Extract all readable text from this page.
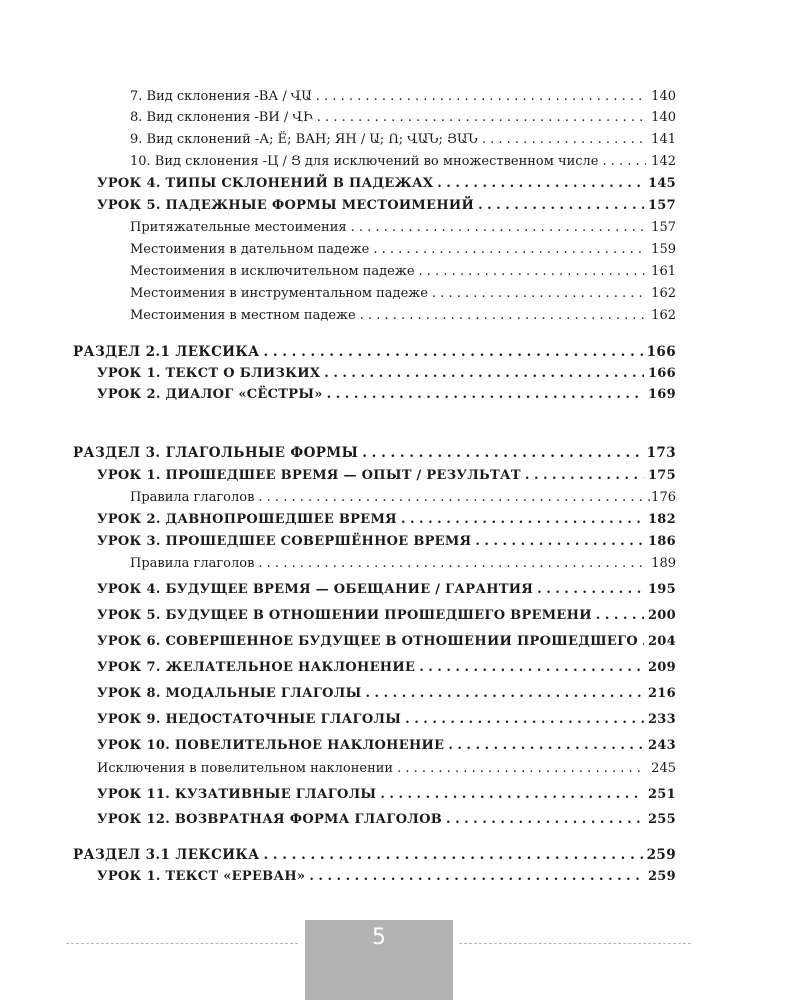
7. Вид склонения -ВА / ՎԱ . . .	140
8. Вид склонения -ВИ / ՎԻ . . .	140
9. Вид склонений -А; Ё; ВАН; ЯН / Ա; Ո; ՎԱՆ; ՅԱՆ . . .	141
10. Вид склонения -Ц / Ց для исключений во множественном числе . . .	142
УРОК 4. ТИПЫ СКЛОНЕНИЙ В ПАДЕЖАХ . . .	145
УРОК 5. ПАДЕЖНЫЕ ФОРМЫ МЕСТОИМЕНИЙ . . .	157
Притяжательные местоимения . . .	157
Местоимения в дательном падеже . . .	159
Местоимения в исключительном падеже . . .	161
Местоимения в инструментальном падеже . . .	162
Местоимения в местном падеже . . .	162
РАЗДЕЛ 2.1 ЛЕКСИКА . . .	166
УРОК 1. ТЕКСТ О БЛИЗКИХ . . .	166
УРОК 2. ДИАЛОГ «СЁСТРЫ» . . .	169
РАЗДЕЛ 3. ГЛАГОЛЬНЫЕ ФОРМЫ . . .	173
УРОК 1. ПРОШЕДШЕЕ ВРЕМЯ — ОПЫТ / РЕЗУЛЬТАТ . . .	175
Правила глаголов . . .	.176
УРОК 2. ДАВНОПРОШЕДШЕЕ ВРЕМЯ . . .	182
УРОК 3. ПРОШЕДШЕЕ СОВЕРШЁННОЕ ВРЕМЯ . . .	186
Правила глаголов . . .	189
УРОК 4. БУДУЩЕЕ ВРЕМЯ — ОБЕЩАНИЕ / ГАРАНТИЯ . . .	195
УРОК 5. БУДУЩЕЕ В ОТНОШЕНИИ ПРОШЕДШЕГО ВРЕМЕНИ . . .	200
УРОК 6. СОВЕРШЕННОЕ БУДУЩЕЕ В ОТНОШЕНИИ ПРОШЕДШЕГО . . . 204
УРОК 7. ЖЕЛАТЕЛЬНОЕ НАКЛОНЕНИЕ . . .	209
УРОК 8. МОДАЛЬНЫЕ ГЛАГОЛЫ . . .	216
УРОК 9. НЕДОСТАТОЧНЫЕ ГЛАГОЛЫ . . .	233
УРОК 10. ПОВЕЛИТЕЛЬНОЕ НАКЛОНЕНИЕ . . .	243
Исключения в повелительном наклонении . . .	245
УРОК 11. КУЗАТИВНЫЕ ГЛАГОЛЫ . . .	251
УРОК 12. ВОЗВРАТНАЯ ФОРМА ГЛАГОЛОВ . . .	255
РАЗДЕЛ 3.1 ЛЕКСИКА . . .	259
УРОК 1. ТЕКСТ «ЕРЕВАН» . . .	259
5
